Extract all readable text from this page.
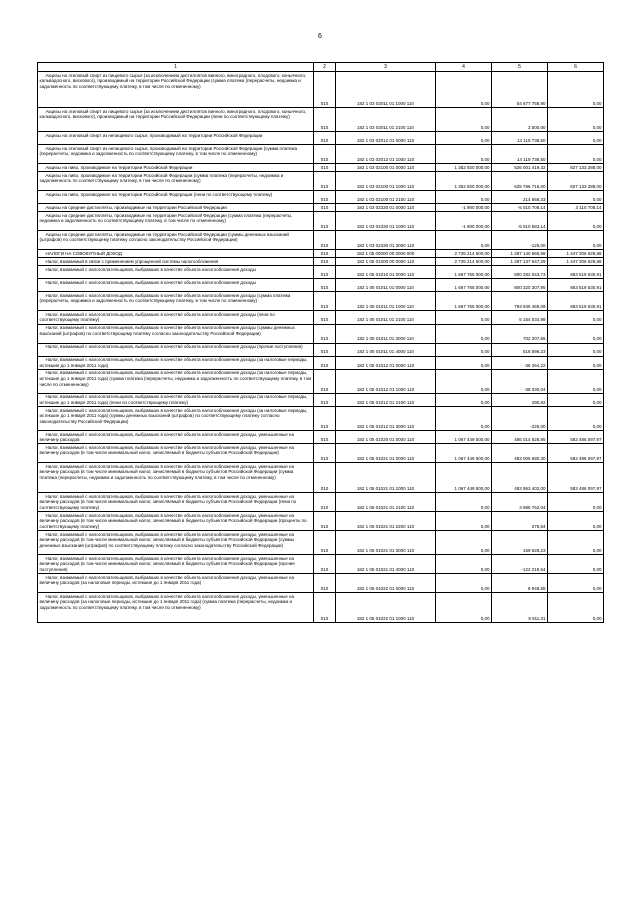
6
1	2	3	4	5	6

Акцизы на этиловый спирт из пищевого сырья (за исключением дистиллятов винного, виноградного, плодового, коньячного, кальвадосного, вискового), производимый на территории Российской Федерации (сумма платежа (перерасчеты, недоимка и задолженность по соответствующему платежу, в том числе по отмененному)	010	182 1 03 02011 01 1000 110	0,00	54 677 758,90	0,00

Акцизы на этиловый спирт из пищевого сырья (за исключением дистиллятов винного, виноградного, плодового, коньячного, кальвадосного, вискового), производимый на территории Российской Федерации (пени по соответствующему платежу)	010	182 1 03 02011 01 2100 110	0,00	3 500,00	0,00

Акцизы на этиловый спирт из непищевого сырья, производимый на территории Российской Федерации	010	182 1 03 02012 01 0000 110	0,00	14 119 738,50	0,00

Акцизы на этиловый спирт из непищевого сырья, производимый на территории Российской Федерации (сумма платежа (перерасчеты, недоимка и задолженность по соответствующему платежу, в том числе по отмененному)	010	182 1 03 02012 01 1000 110	0,00	14 119 738,50	0,00

Акцизы на пиво, производимое на территории Российской Федерации	010	182 1 03 02100 01 0000 110	1 352 920 000,00	526 001 419,32	827 133 288,00

Акцизы на пиво, производимое на территории Российской Федерации (сумма платежа (перерасчеты, недоимка и задолженность по соответствующему платежу, в том числе по отмененному)	010	182 1 03 02100 01 1000 110	1 352 920 000,00	525 786 716,00	827 133 288,00

Акцизы на пиво, производимое на территории Российской Федерации (пени по соответствующему платежу)	010	182 1 03 02100 01 2100 110	0,00	214 668,33	0,00

Акцизы на средние дистилляты, производимые на территории Российской Федерации	010	182 1 03 02330 01 0000 110	-1 900 000,00	-5 010 708,14	3 110 708,14

Акцизы на средние дистилляты, производимые на территории Российской Федерации (сумма платежа (перерасчеты, недоимка и задолженность по соответствующему платежу, в том числе по отмененному)	010	182 1 03 02330 01 1000 110	-1 900 000,00	-5 010 583,14	0,00

Акцизы на средние дистилляты, производимые на территории Российской Федерации (суммы денежных взысканий (штрафов) по соответствующему платежу согласно законодательству Российской Федерации)	010	182 1 03 02330 01 3000 110	0,00	-125,00	0,00

НАЛОГИ НА СОВОКУПНЫЙ ДОХОД	010	182 1 05 00000 00 0000 000	2 735 214 500,00	1 287 140 665,58	1 447 306 628,88

Налог, взимаемый в связи с применением упрощенной системы налогообложения	010	182 1 05 01000 00 0000 110	2 735 214 500,00	1 287 137 647,29	1 447 306 628,88

Налог, взимаемый с налогоплательщиков, выбравших в качестве объекта налогообложения доходы	010	182 1 05 01010 01 0000 110	1 667 765 000,00	800 282 043,73	863 519 530,91

Налог, взимаемый с налогоплательщиков, выбравших в качестве объекта налогообложения доходы	010	182 1 05 01011 01 0000 110	1 667 765 000,00	800 320 307,95	863 519 530,91

Налог, взимаемый с налогоплательщиков, выбравших в качестве объекта налогообложения доходы (сумма платежа (перерасчеты, недоимка и задолженность по соответствующему платежу, в том числе по отмененному)	010	182 1 05 01011 01 1000 110	1 667 765 000,00	793 945 469,09	863 519 530,91

Налог, взимаемый с налогоплательщиков, выбравших в качестве объекта налогообложения доходы (пени по соответствующему платежу)	010	182 1 05 01011 01 2100 110	0,00	5 154 034,98	0,00

Налог, взимаемый с налогоплательщиков, выбравших в качестве объекта налогообложения доходы (суммы денежных взысканий (штрафов) по соответствующему платежу согласно законодательству Российской Федерации)	010	182 1 05 01011 01 3000 110	0,00	702 207,65	0,00

Налог, взимаемый с налогоплательщиков, выбравших в качестве объекта налогообложения доходы (прочие поступления)	010	182 1 05 01011 01 4000 110	0,00	518 596,23	0,00

Налог, взимаемый с налогоплательщиков, выбравших в качестве объекта налогообложения доходы (за налоговые периоды, истекшие до 1 января 2011 года)	010	182 1 05 01012 01 0000 110	0,00	-38 264,22	0,00

Налог, взимаемый с налогоплательщиков, выбравших в качестве объекта налогообложения доходы (за налоговые периоды, истекшие до 1 января 2011 года) (сумма платежа (перерасчеты, недоимка и задолженность по соответствующему платежу, в том числе по отмененному)	010	182 1 05 01012 01 1000 110	0,00	-38 330,04	0,00

Налог, взимаемый с налогоплательщиков, выбравших в качестве объекта налогообложения доходы (за налоговые периоды, истекшие до 1 января 2011 года) (пени по соответствующему платежу)	010	182 1 05 01012 01 2100 110	0,00	290,82	0,00

Налог, взимаемый с налогоплательщиков, выбравших в качестве объекта налогообложения доходы (за налоговые периоды, истекшие до 1 января 2011 года) (суммы денежных взысканий (штрафов) по соответствующему платежу согласно законодательству Российской Федерации)	010	182 1 05 01012 01 3000 110	0,00	-225,00	0,00

Налог, взимаемый с налогоплательщиков, выбравших в качестве объекта налогообложения доходы, уменьшенные на величину расходов	010	182 1 05 01020 01 0000 110	1 067 449 500,00	486 014 628,85	583 486 097,97

Налог, взимаемый с налогоплательщиков, выбравших в качестве объекта налогообложения доходы, уменьшенные на величину расходов (в том числе минимальный налог, зачисляемый в бюджеты субъектов Российской Федерации)	010	182 1 05 01021 01 0000 110	1 067 449 500,00	483 005 680,30	583 486 097,97

Налог, взимаемый с налогоплательщиков, выбравших в качестве объекта налогообложения доходы, уменьшенные на величину расходов (в том числе минимальный налог, зачисляемый в бюджеты субъектов Российской Федерации (сумма платежа (перерасчеты, недоимка и задолженность по соответствующему платежу, в том числе по отмененному)	010	182 1 05 01021 01 1000 110	1 067 449 500,00	483 963 402,00	583 486 097,97

Налог, взимаемый с налогоплательщиков, выбравших в качестве объекта налогообложения доходы, уменьшенные на величину расходов (в том числе минимальный налог, зачисляемый в бюджеты субъектов Российской Федерации (пени по соответствующему платежу)	010	182 1 05 01021 01 2100 110	0,00	3 986 762,04	0,00

Налог, взимаемый с налогоплательщиков, выбравших в качестве объекта налогообложения доходы, уменьшенные на величину расходов (в том числе минимальный налог, зачисляемый в бюджеты субъектов Российской Федерации (проценты по соответствующему платежу)	010	182 1 05 01021 01 2200 110	0,00	276,64	0,00

Налог, взимаемый с налогоплательщиков, выбравших в качестве объекта налогообложения доходы, уменьшенные на величину расходов (в том числе минимальный налог, зачисляемый в бюджеты субъектов Российской Федерации (суммы денежных взысканий (штрафов) по соответствующему платежу согласно законодательству Российской Федерации)	010	182 1 05 01021 01 3000 110	0,00	169 628,23	0,00

Налог, взимаемый с налогоплательщиков, выбравших в качестве объекта налогообложения доходы, уменьшенные на величину расходов (в том числе минимальный налог, зачисляемый в бюджеты субъектов Российской Федерации (прочие поступления)	010	182 1 05 01021 01 4000 110	0,00	-122 219,64	0,00

Налог, взимаемый с налогоплательщиков, выбравших в качестве объекта налогообложения доходы, уменьшенные на величину расходов (за налоговые периоды, истекшие до 1 января 2011 года)	010	182 1 05 01022 01 0000 110	0,00	8 948,55	0,00

Налог, взимаемый с налогоплательщиков, выбравших в качестве объекта налогообложения доходы, уменьшенные на величину расходов (за налоговые периоды, истекшие до 1 января 2011 года) (сумма платежа (перерасчеты, недоимка и задолженность по соответствующему платежу, в том числе по отмененному)	010	182 1 05 01022 01 1000 110	0,00	8 911,31	0,00
